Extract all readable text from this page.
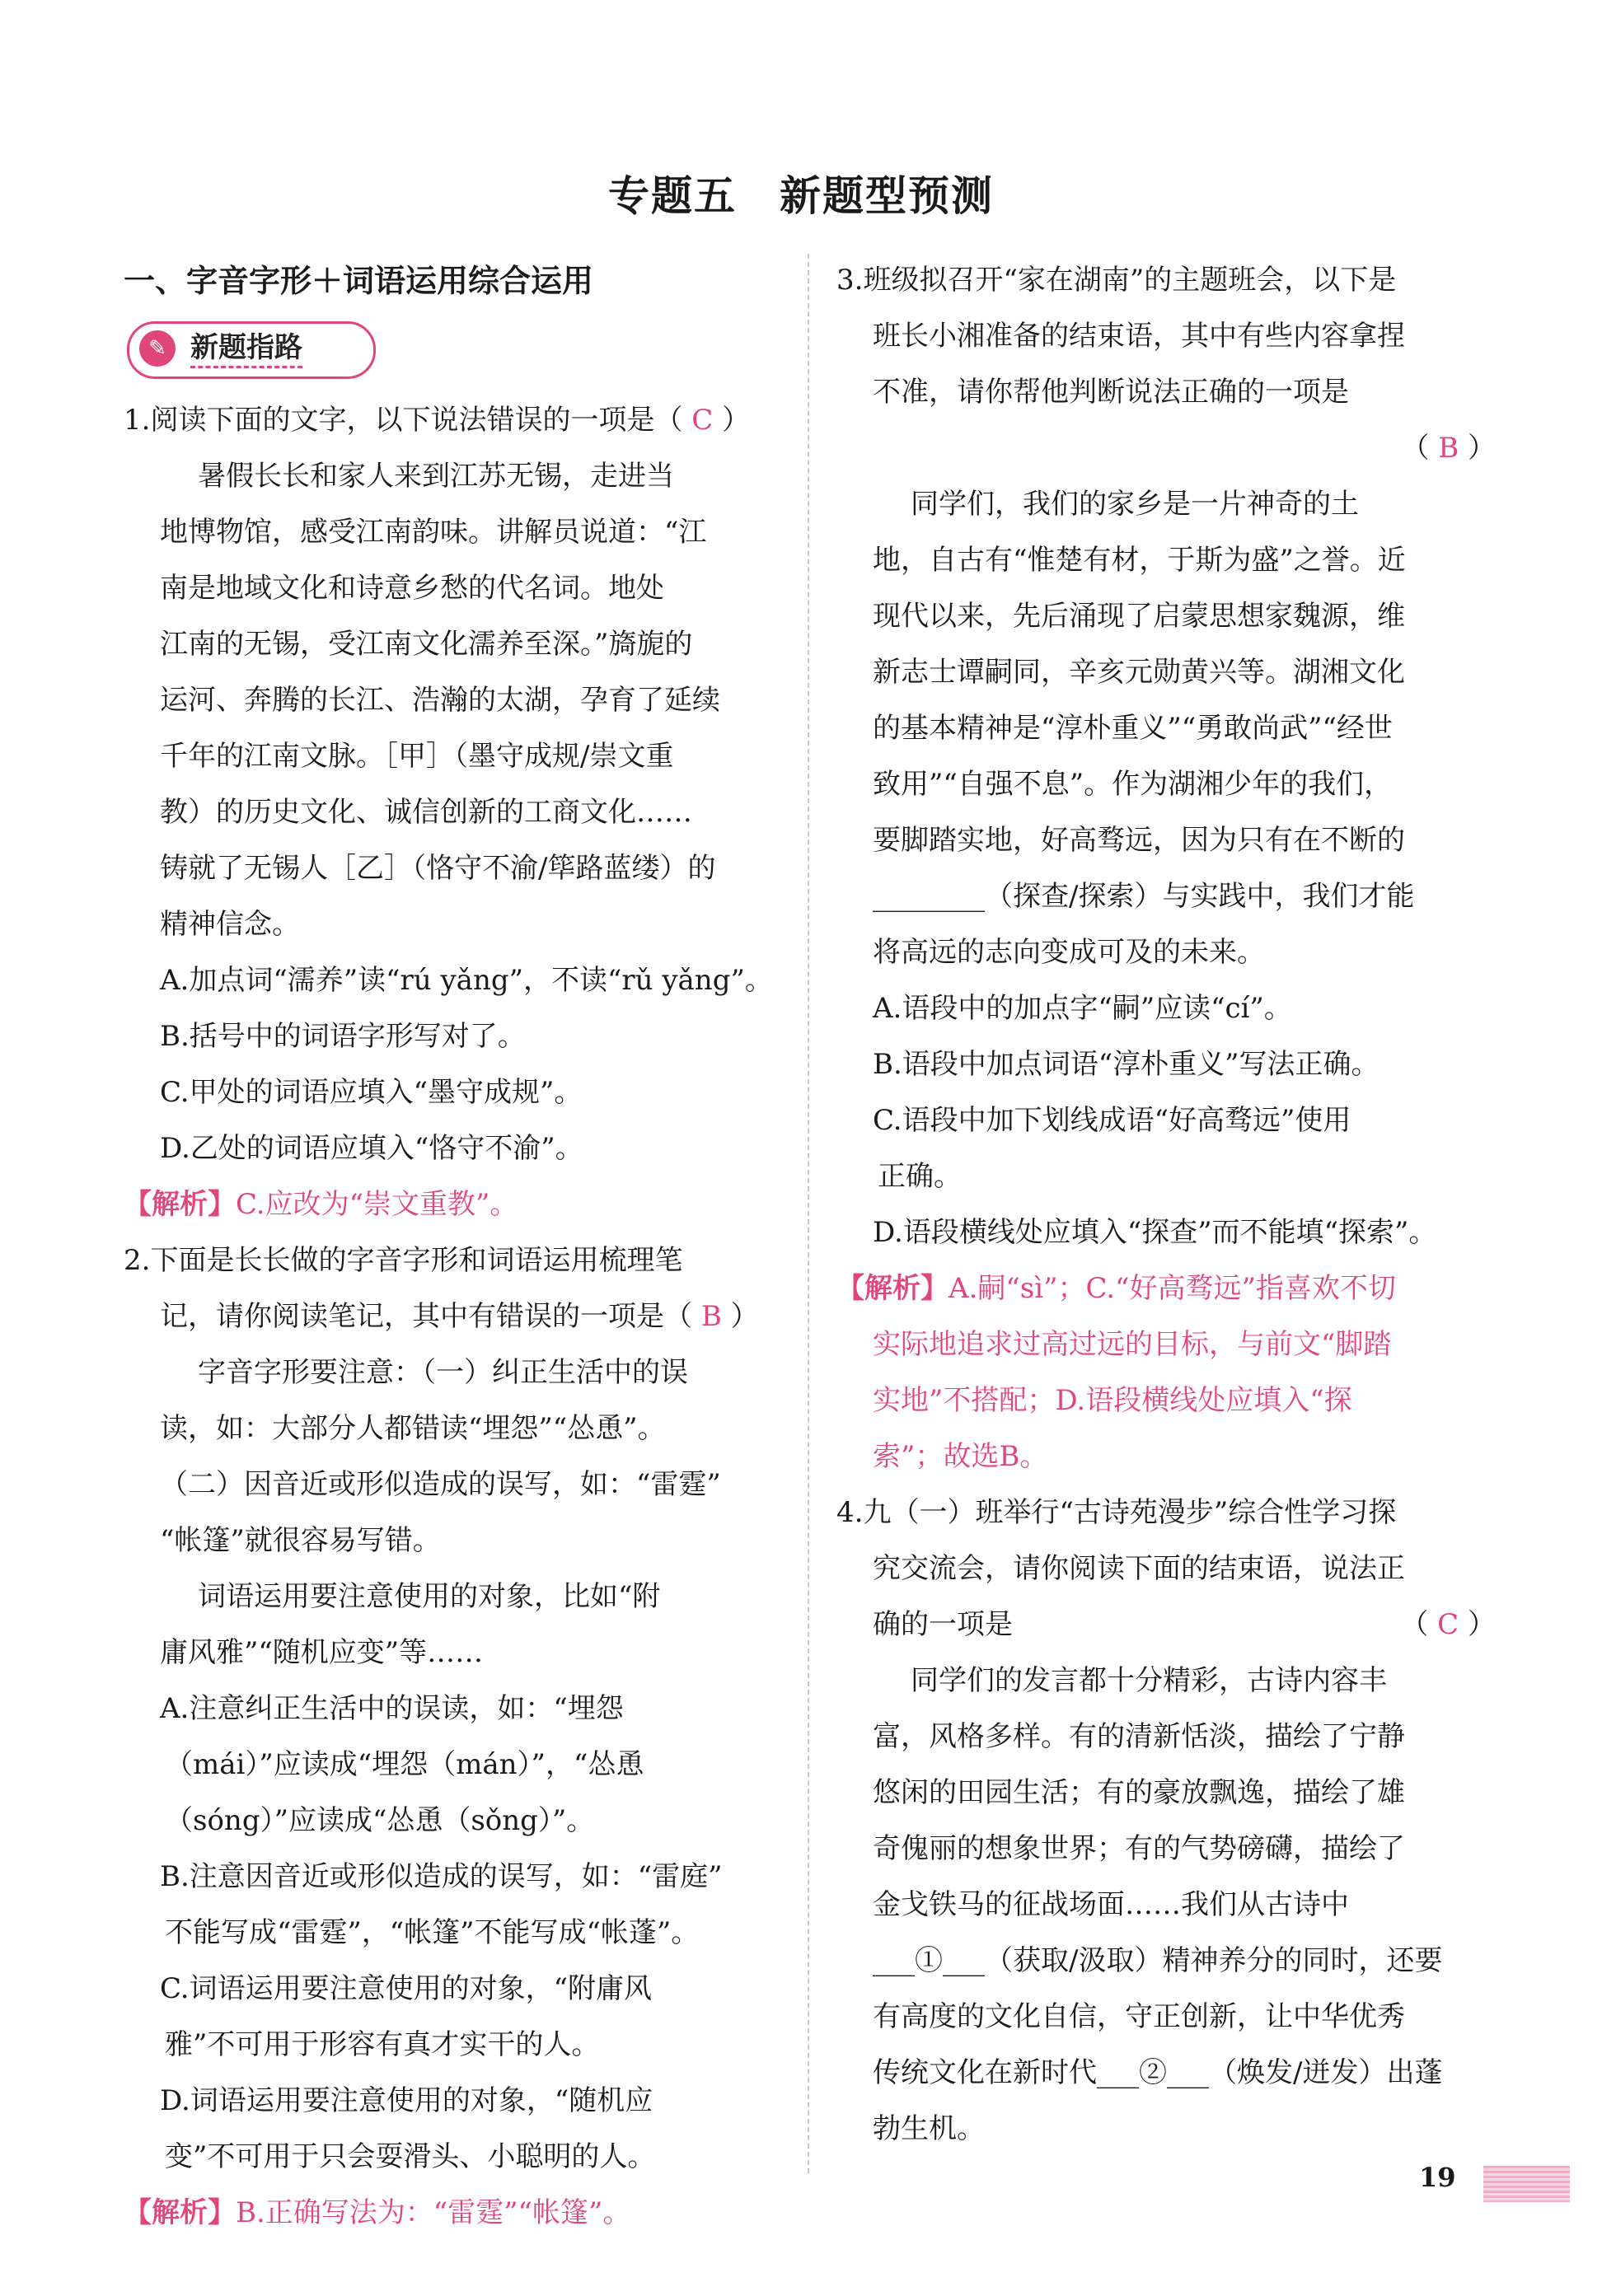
专题五　新题型预测
一、字音字形＋词语运用综合运用
✎ 新题指路
1.阅读下面的文字，以下说法错误的一项是（ C ）
暑假长长和家人来到江苏无锡，走进当
地博物馆，感受江南韵味。讲解员说道：“江
南是地域文化和诗意乡愁的代名词。地处
江南的无锡，受江南文化濡养至深。”旖旎的
运河、奔腾的长江、浩瀚的太湖，孕育了延续
千年的江南文脉。［甲］（墨守成规/崇文重
教）的历史文化、诚信创新的工商文化……
铸就了无锡人［乙］（恪守不渝/筚路蓝缕）的
精神信念。
A.加点词“濡养”读“rú yǎng”，不读“rǔ yǎng”。
B.括号中的词语字形写对了。
C.甲处的词语应填入“墨守成规”。
D.乙处的词语应填入“恪守不渝”。
【解析】C.应改为“崇文重教”。
2.下面是长长做的字音字形和词语运用梳理笔
记，请你阅读笔记，其中有错误的一项是（ B ）
字音字形要注意：（一）纠正生活中的误
读，如：大部分人都错读“埋怨”“怂恿”。
（二）因音近或形似造成的误写，如：“雷霆”
“帐篷”就很容易写错。
词语运用要注意使用的对象，比如“附
庸风雅”“随机应变”等……
A.注意纠正生活中的误读，如：“埋怨
（mái）”应读成“埋怨（mán）”，“怂恿
（sóng）”应读成“怂恿（sǒng）”。
B.注意因音近或形似造成的误写，如：“雷庭”
不能写成“雷霆”，“帐篷”不能写成“帐蓬”。
C.词语运用要注意使用的对象，“附庸风
雅”不可用于形容有真才实干的人。
D.词语运用要注意使用的对象，“随机应
变”不可用于只会耍滑头、小聪明的人。
【解析】B.正确写法为：“雷霆”“帐篷”。
3.班级拟召开“家在湖南”的主题班会，以下是
班长小湘准备的结束语，其中有些内容拿捏
不准，请你帮他判断说法正确的一项是
（ B ）
同学们，我们的家乡是一片神奇的土
地，自古有“惟楚有材，于斯为盛”之誉。近
现代以来，先后涌现了启蒙思想家魏源，维
新志士谭嗣同，辛亥元勋黄兴等。湖湘文化
的基本精神是“淳朴重义”“勇敢尚武”“经世
致用”“自强不息”。作为湖湘少年的我们，
要脚踏实地，好高骛远，因为只有在不断的
________（探查/探索）与实践中，我们才能
将高远的志向变成可及的未来。
A.语段中的加点字“嗣”应读“cí”。
B.语段中加点词语“淳朴重义”写法正确。
C.语段中加下划线成语“好高骛远”使用
正确。
D.语段横线处应填入“探查”而不能填“探索”。
【解析】A.嗣“sì”；C.“好高骛远”指喜欢不切
实际地追求过高过远的目标，与前文“脚踏
实地”不搭配；D.语段横线处应填入“探
索”；故选B。
4.九（一）班举行“古诗苑漫步”综合性学习探
究交流会，请你阅读下面的结束语，说法正
确的一项是	（ C ）
同学们的发言都十分精彩，古诗内容丰
富，风格多样。有的清新恬淡，描绘了宁静
悠闲的田园生活；有的豪放飘逸，描绘了雄
奇傀丽的想象世界；有的气势磅礴，描绘了
金戈铁马的征战场面……我们从古诗中
___①___（获取/汲取）精神养分的同时，还要
有高度的文化自信，守正创新，让中华优秀
传统文化在新时代___②___（焕发/迸发）出蓬
勃生机。
19
